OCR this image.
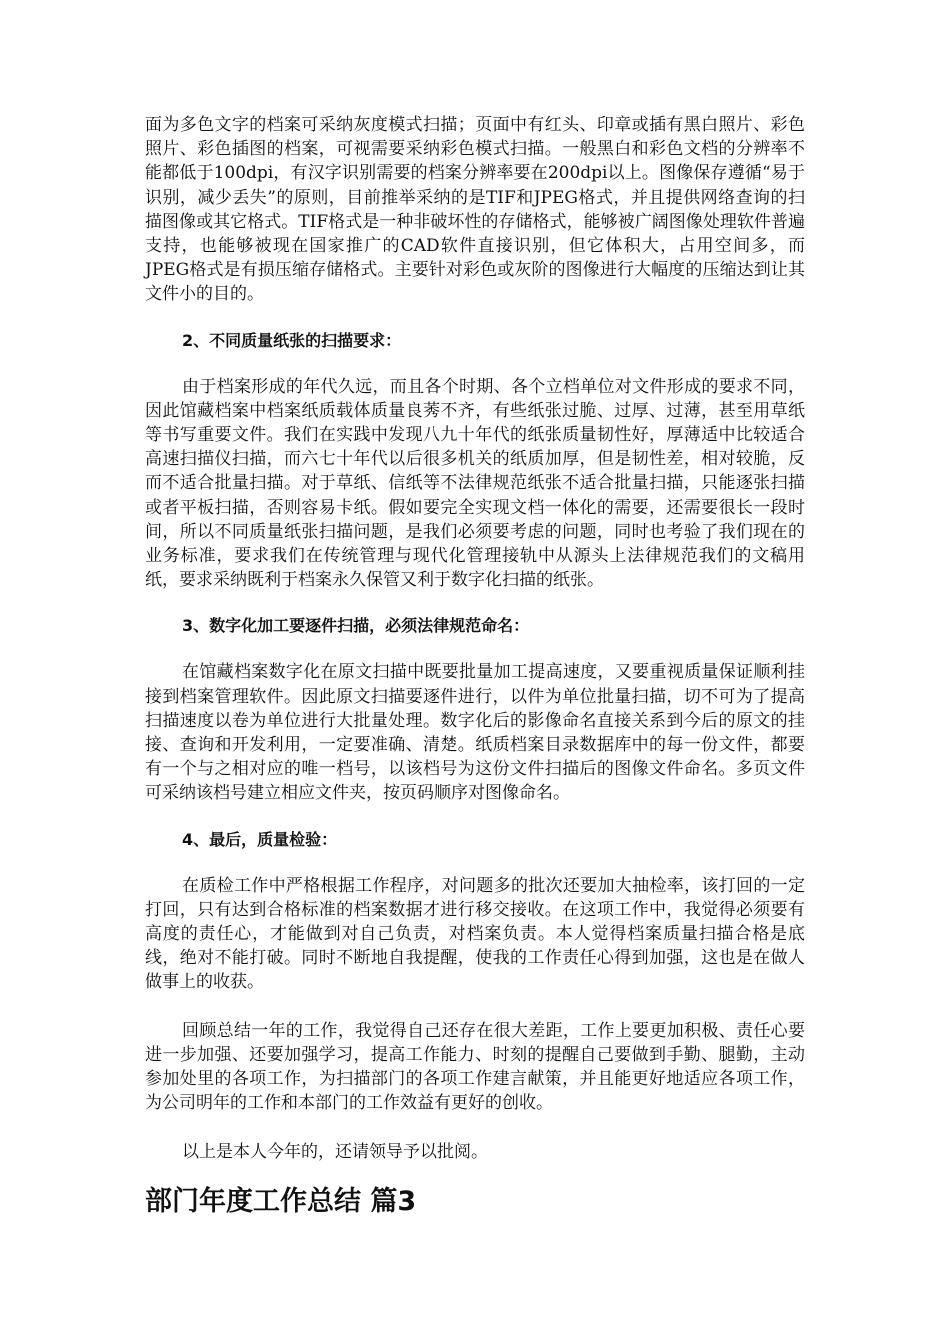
面为多色文字的档案可采纳灰度模式扫描；页面中有红头、印章或插有黑白照片、彩色照片、彩色插图的档案，可视需要采纳彩色模式扫描。一般黑白和彩色文档的分辨率不能都低于100dpi，有汉字识别需要的档案分辨率要在200dpi以上。图像保存遵循“易于识别，减少丢失”的原则，目前推举采纳的是TIF和JPEG格式，并且提供网络查询的扫描图像或其它格式。TIF格式是一种非破坏性的存储格式，能够被广阔图像处理软件普遍支持，也能够被现在国家推广的CAD软件直接识别，但它体积大，占用空间多，而JPEG格式是有损压缩存储格式。主要针对彩色或灰阶的图像进行大幅度的压缩达到让其文件小的目的。

2、不同质量纸张的扫描要求：

由于档案形成的年代久远，而且各个时期、各个立档单位对文件形成的要求不同，因此馆藏档案中档案纸质载体质量良莠不齐，有些纸张过脆、过厚、过薄，甚至用草纸等书写重要文件。我们在实践中发现八九十年代的纸张质量韧性好，厚薄适中比较适合高速扫描仪扫描，而六七十年代以后很多机关的纸质加厚，但是韧性差，相对较脆，反而不适合批量扫描。对于草纸、信纸等不法律规范纸张不适合批量扫描，只能逐张扫描或者平板扫描，否则容易卡纸。假如要完全实现文档一体化的需要，还需要很长一段时间，所以不同质量纸张扫描问题，是我们必须要考虑的问题，同时也考验了我们现在的业务标准，要求我们在传统管理与现代化管理接轨中从源头上法律规范我们的文稿用纸，要求采纳既利于档案永久保管又利于数字化扫描的纸张。

3、数字化加工要逐件扫描，必须法律规范命名：

在馆藏档案数字化在原文扫描中既要批量加工提高速度，又要重视质量保证顺利挂接到档案管理软件。因此原文扫描要逐件进行，以件为单位批量扫描，切不可为了提高扫描速度以卷为单位进行大批量处理。数字化后的影像命名直接关系到今后的原文的挂接、查询和开发利用，一定要准确、清楚。纸质档案目录数据库中的每一份文件，都要有一个与之相对应的唯一档号，以该档号为这份文件扫描后的图像文件命名。多页文件可采纳该档号建立相应文件夹，按页码顺序对图像命名。

4、最后，质量检验：

在质检工作中严格根据工作程序，对问题多的批次还要加大抽检率，该打回的一定打回，只有达到合格标准的档案数据才进行移交接收。在这项工作中，我觉得必须要有高度的责任心，才能做到对自己负责，对档案负责。本人觉得档案质量扫描合格是底线，绝对不能打破。同时不断地自我提醒，使我的工作责任心得到加强，这也是在做人做事上的收获。

回顾总结一年的工作，我觉得自己还存在很大差距，工作上要更加积极、责任心要进一步加强、还要加强学习，提高工作能力、时刻的提醒自己要做到手勤、腿勤，主动参加处里的各项工作，为扫描部门的各项工作建言献策，并且能更好地适应各项工作，为公司明年的工作和本部门的工作效益有更好的创收。

以上是本人今年的，还请领导予以批阅。

部门年度工作总结 篇3
